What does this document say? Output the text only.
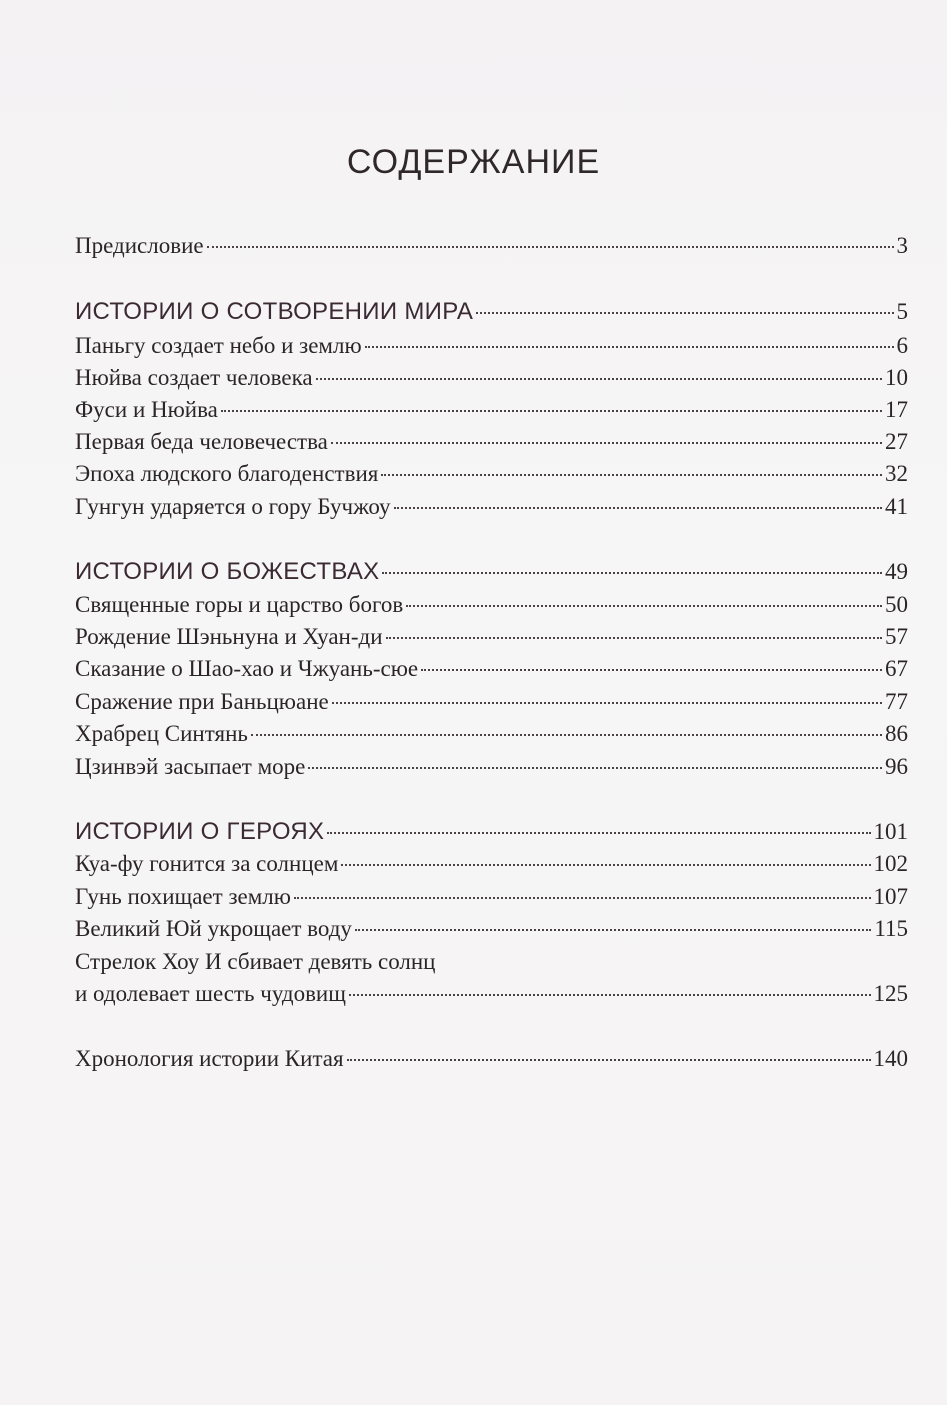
СОДЕРЖАНИЕ
Предисловие	3
ИСТОРИИ О СОТВОРЕНИИ МИРА	5
Паньгу создает небо и землю	6
Нюйва создает человека	10
Фуси и Нюйва	17
Первая беда человечества	27
Эпоха людского благоденствия	32
Гунгун ударяется о гору Бучжоу	41
ИСТОРИИ О БОЖЕСТВАХ	49
Священные горы и царство богов	50
Рождение Шэньнуна и Хуан-ди	57
Сказание о Шао-хао и Чжуань-сюе	67
Сражение при Баньцюане	77
Храбрец Синтянь	86
Цзинвэй засыпает море	96
ИСТОРИИ О ГЕРОЯХ	101
Куа-фу гонится за солнцем	102
Гунь похищает землю	107
Великий Юй укрощает воду	115
Стрелок Хоу И сбивает девять солнц
и одолевает шесть чудовищ	125
Хронология истории Китая	140
